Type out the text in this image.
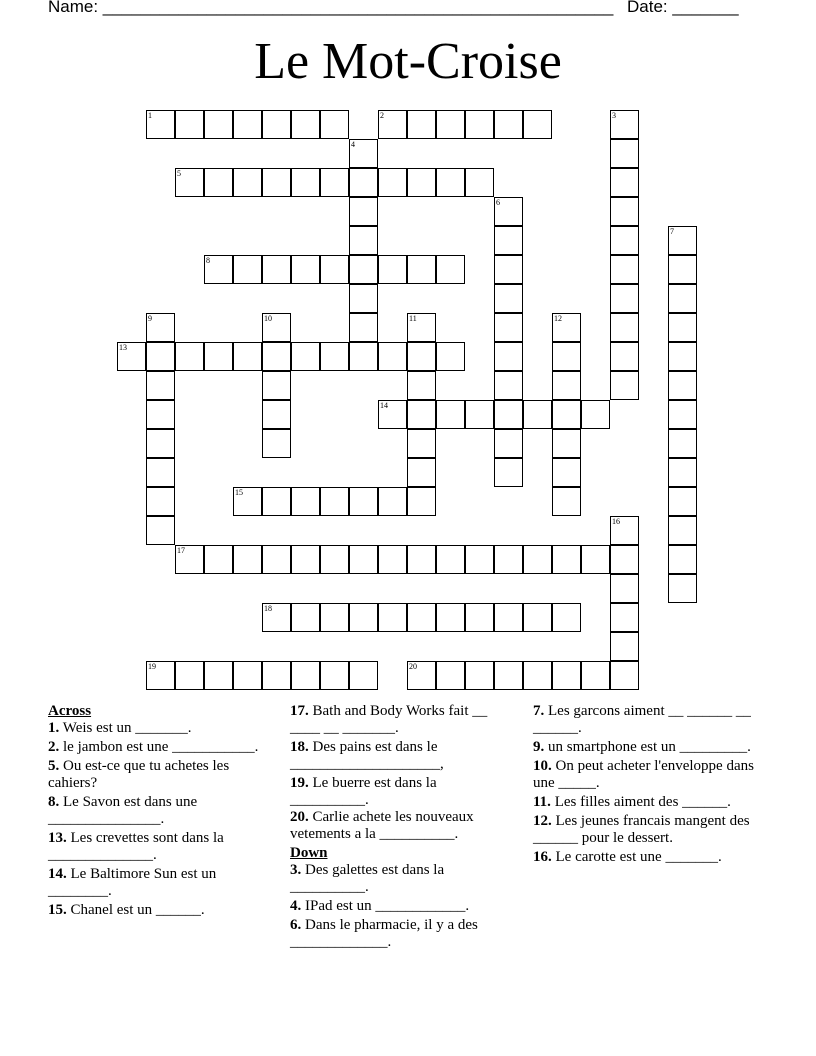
Name: ______________________________________________________ Date: _______
Le Mot-Croise
1	2
5
8
13
14
15
17
18
19	20
3
4
6
7
9	10	11	12
16

Across

1. Weis est un _______.

2. le jambon est une ___________.

5. Ou est-ce que tu achetes les cahiers?

8. Le Savon est dans une _______________.

13. Les crevettes sont dans la ______________.

14. Le Baltimore Sun est un ________.

15. Chanel est un ______.

17. Bath and Body Works fait __ ____ __ _______.

18. Des pains est dans le ____________________,

19. Le buerre est dans la __________.

20. Carlie achete les nouveaux vetements a la __________.

Down

3. Des galettes est dans la __________.

4. IPad est un ____________.

6. Dans le pharmacie, il y a des _____________.

7. Les garcons aiment __ ______ __ ______.

9. un smartphone est un _________.

10. On peut acheter l'enveloppe dans une _____.

11. Les filles aiment des ______.

12. Les jeunes francais mangent des ______ pour le dessert.

16. Le carotte est une _______.
